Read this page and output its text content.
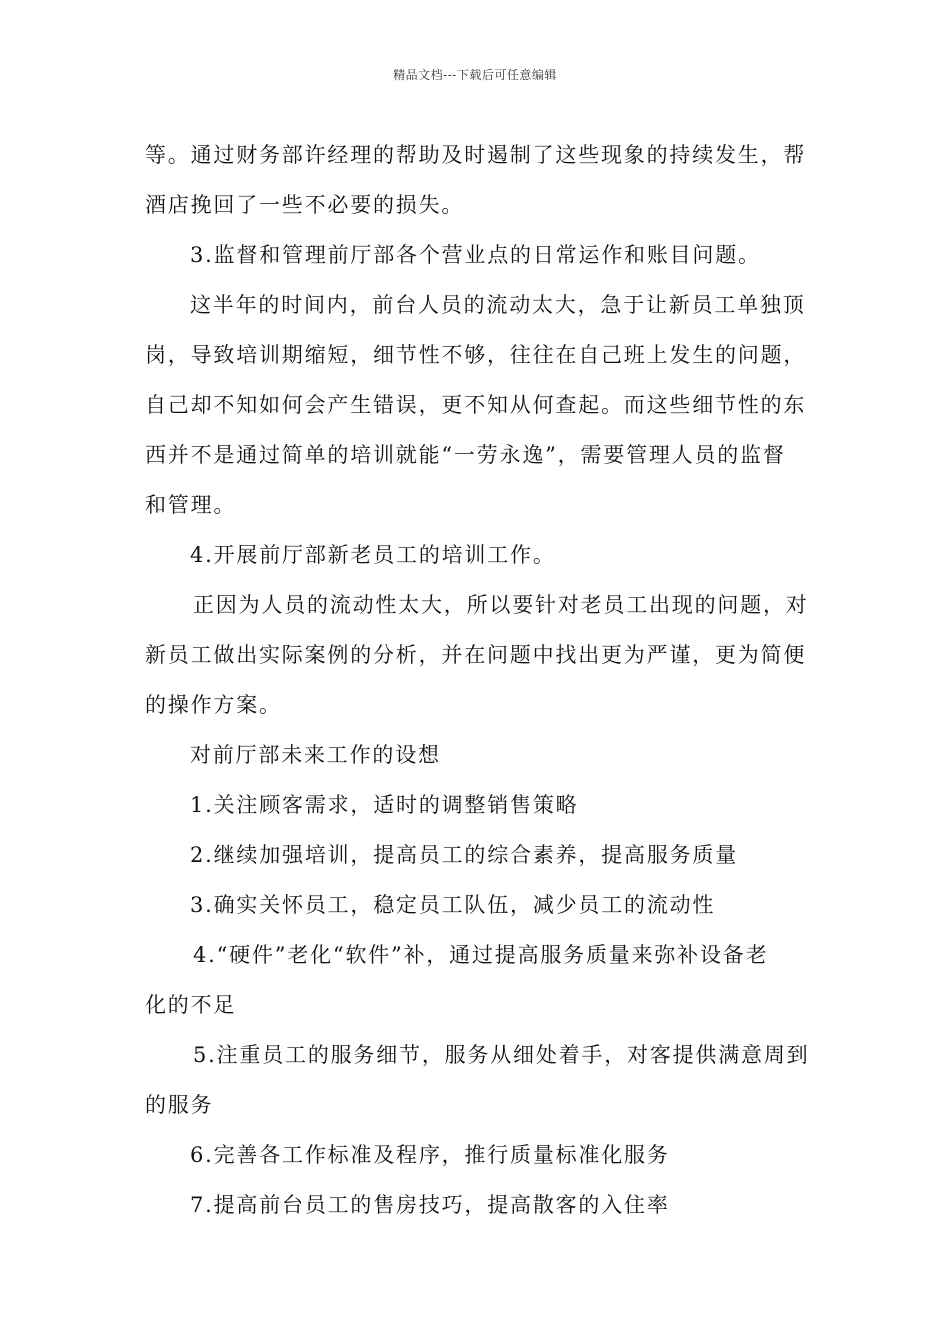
精品文档---下载后可任意编辑
等。通过财务部许经理的帮助及时遏制了这些现象的持续发生，帮
酒店挽回了一些不必要的损失。
3.监督和管理前厅部各个营业点的日常运作和账目问题。
这半年的时间内，前台人员的流动太大，急于让新员工单独顶
岗，导致培训期缩短，细节性不够，往往在自己班上发生的问题，
自己却不知如何会产生错误，更不知从何查起。而这些细节性的东
西并不是通过简单的培训就能“一劳永逸”，需要管理人员的监督
和管理。
4.开展前厅部新老员工的培训工作。
正因为人员的流动性太大，所以要针对老员工出现的问题，对
新员工做出实际案例的分析，并在问题中找出更为严谨，更为简便
的操作方案。
对前厅部未来工作的设想
1.关注顾客需求，适时的调整销售策略
2.继续加强培训，提高员工的综合素养，提高服务质量
3.确实关怀员工，稳定员工队伍，减少员工的流动性
4.“硬件”老化“软件”补，通过提高服务质量来弥补设备老
化的不足
5.注重员工的服务细节，服务从细处着手，对客提供满意周到
的服务
6.完善各工作标准及程序，推行质量标准化服务
7.提高前台员工的售房技巧，提高散客的入住率
